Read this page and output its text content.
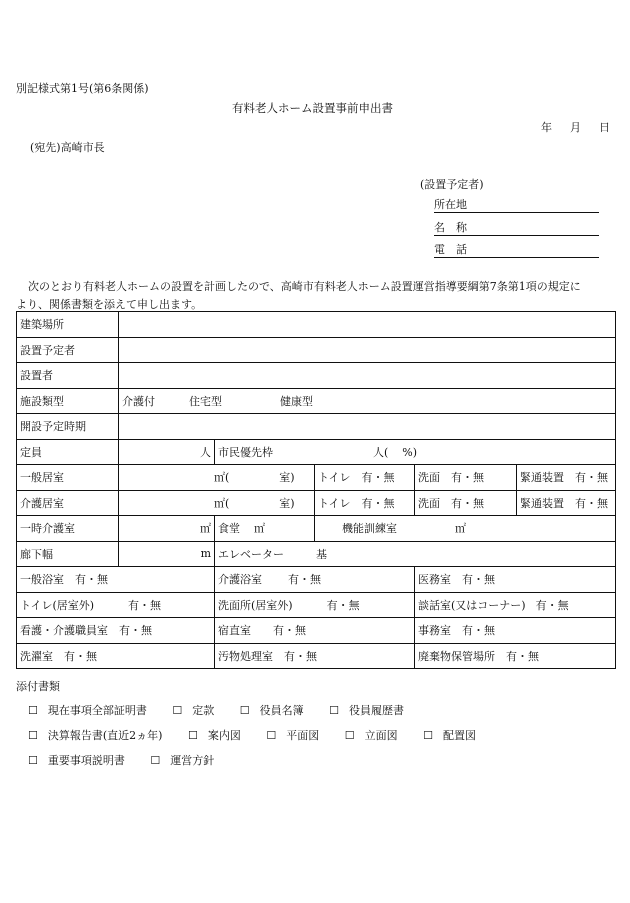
別記様式第1号(第6条関係)
有料老人ホーム設置事前申出書
年 月 日
(宛先)高崎市長
(設置予定者)
所在地
名　称
電　話
次のとおり有料老人ホームの設置を計画したので、高崎市有料老人ホーム設置運営指導要綱第7条第1項の規定に
より、関係書類を添えて申し出ます。
建築場所					
設置予定者					
設置者					
施設類型	介護付 住宅型 健康型				
開設予定時期					
定員	人	市民優先枠 人( %)			
一般居室	㎡( 室)		トイレ　有・無	洗面　有・無	緊通装置　有・無
介護居室	㎡( 室)		トイレ　有・無	洗面　有・無	緊通装置　有・無
一時介護室	㎡	食堂 ㎡	機能訓練室 ㎡		
廊下幅	m	エレベーター 基			
一般浴室　有・無		介護浴室 有・無		医務室　有・無	
トイレ(居室外) 有・無		洗面所(居室外) 有・無		談話室(又はコーナー) 有・無	
看護・介護職員室　有・無		宿直室 有・無		事務室　有・無	
洗濯室　有・無		汚物処理室　有・無		廃棄物保管場所　有・無	
添付書類
☐ 現在事項全部証明書 ☐ 定款 ☐ 役員名簿 ☐ 役員履歴書
☐ 決算報告書(直近2ヵ年) ☐ 案内図 ☐ 平面図 ☐ 立面図 ☐ 配置図
☐ 重要事項説明書 ☐ 運営方針
